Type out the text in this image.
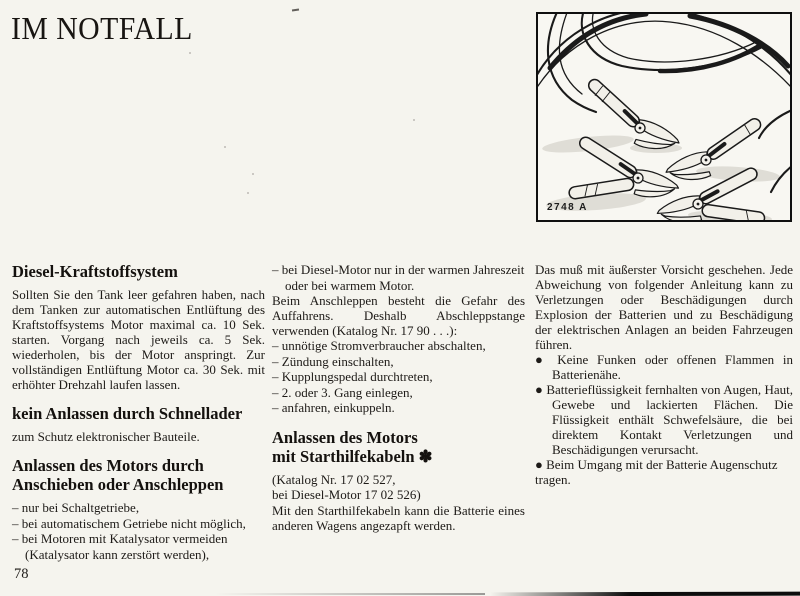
IM NOTFALL
2748 A
Diesel-Kraftstoffsystem

Sollten Sie den Tank leer gefahren haben, nach dem Tanken zur automatischen Entlüftung des Kraftstoffsystems Motor maximal ca. 10 Sek. starten. Vorgang nach jeweils ca. 5 Sek. wiederholen, bis der Motor anspringt. Zur vollständigen Entlüftung Motor ca. 30 Sek. mit erhöhter Drehzahl laufen lassen.

kein Anlassen durch Schnellader

zum Schutz elektronischer Bauteile.

Anlassen des Motors durch
Anschieben oder Anschleppen

– nur bei Schaltgetriebe,

– bei automatischem Getriebe nicht möglich,

– bei Motoren mit Katalysator vermeiden (Katalysator kann zerstört werden),

– bei Diesel-Motor nur in der warmen Jahreszeit oder bei warmem Motor.

Beim Anschleppen besteht die Gefahr des Auffahrens. Deshalb Abschleppstange verwenden (Katalog Nr. 17 90 . . .):

– unnötige Stromverbraucher abschalten,

– Zündung einschalten,

– Kupplungspedal durchtreten,

– 2. oder 3. Gang einlegen,

– anfahren, einkuppeln.

Anlassen des Motors
mit Starthilfekabeln ✽

(Katalog Nr. 17 02 527,

bei Diesel-Motor 17 02 526)

Mit den Starthilfekabeln kann die Batterie eines anderen Wagens angezapft werden.

Das muß mit äußerster Vorsicht geschehen. Jede Abweichung von folgender Anleitung kann zu Verletzungen oder Beschädigungen durch Explosion der Batterien und zu Beschädigung der elektrischen Anlagen an beiden Fahrzeugen führen.

● Keine Funken oder offenen Flammen in Batterienähe.

● Batterieflüssigkeit fernhalten von Augen, Haut, Gewebe und lackierten Flächen. Die Flüssigkeit enthält Schwefelsäure, die bei direktem Kontakt Verletzungen und Beschädigungen verursacht.

● Beim Umgang mit der Batterie Augenschutz tragen.

78
